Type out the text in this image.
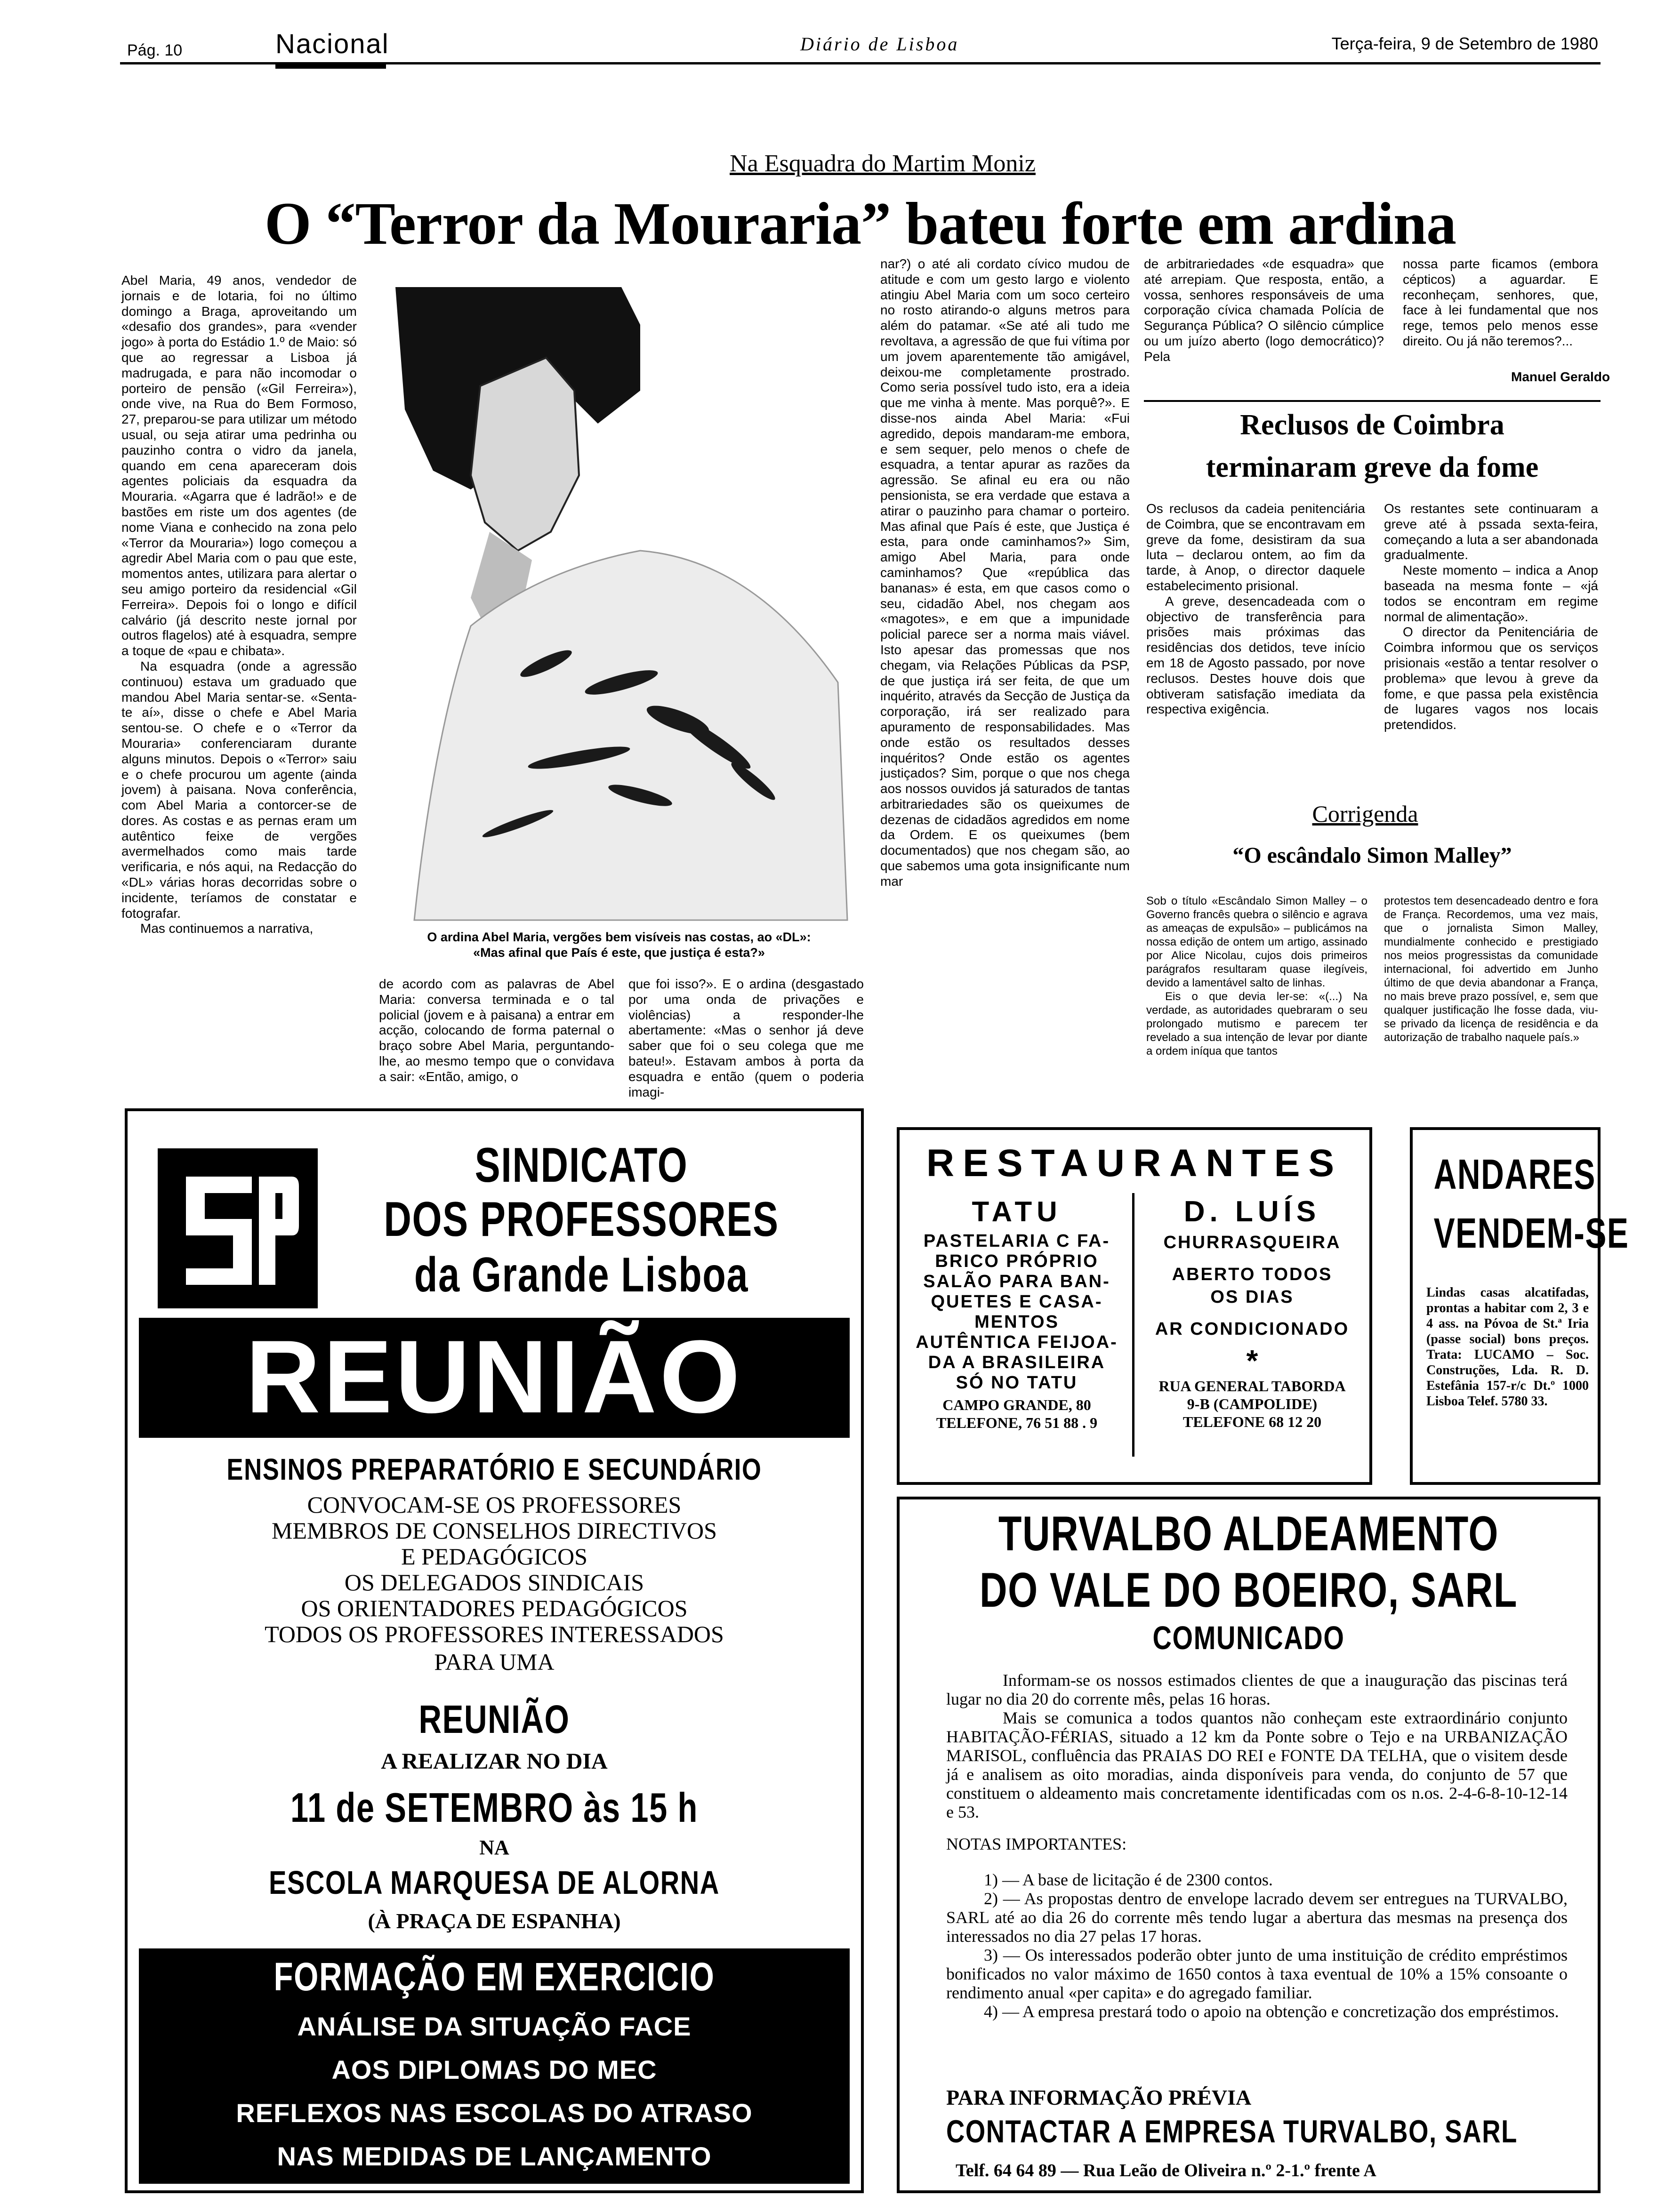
Pág. 10	Nacional	Diário de Lisboa	Terça-feira, 9 de Setembro de 1980
Na Esquadra do Martim Moniz
O “Terror da Mouraria” bateu forte em ardina

Abel Maria, 49 anos, vendedor de jornais e de lotaria, foi no último domingo a Braga, aproveitando um «desafio dos grandes», para «vender jogo» à porta do Estádio 1.º de Maio: só que ao regressar a Lisboa já madrugada, e para não incomodar o porteiro de pensão («Gil Ferreira»), onde vive, na Rua do Bem Formoso, 27, preparou-se para utilizar um método usual, ou seja atirar uma pedrinha ou pauzinho contra o vidro da janela, quando em cena apareceram dois agentes policiais da esquadra da Mouraria. «Agarra que é ladrão!» e de bastões em riste um dos agentes (de nome Viana e conhecido na zona pelo «Terror da Mouraria») logo começou a agredir Abel Maria com o pau que este, momentos antes, utilizara para alertar o seu amigo porteiro da residencial «Gil Ferreira». Depois foi o longo e difícil calvário (já descrito neste jornal por outros flagelos) até à esquadra, sempre a toque de «pau e chibata».

Na esquadra (onde a agressão continuou) estava um graduado que mandou Abel Maria sentar-se. «Senta-te aí», disse o chefe e Abel Maria sentou-se. O chefe e o «Terror da Mouraria» conferenciaram durante alguns minutos. Depois o «Terror» saiu e o chefe procurou um agente (ainda jovem) à paisana. Nova conferência, com Abel Maria a contorcer-se de dores. As costas e as pernas eram um autêntico feixe de vergões avermelhados como mais tarde verificaria, e nós aqui, na Redacção do «DL» várias horas decorridas sobre o incidente, teríamos de constatar e fotografar.

Mas continuemos a narrativa,

O ardina Abel Maria, vergões bem visíveis nas costas, ao «DL»:
«Mas afinal que País é este, que justiça é esta?»

de acordo com as palavras de Abel Maria: conversa terminada e o tal policial (jovem e à paisana) a entrar em acção, colocando de forma paternal o braço sobre Abel Maria, perguntando-lhe, ao mesmo tempo que o convidava a sair: «Então, amigo, o

que foi isso?». E o ardina (desgastado por uma onda de privações e violências) a responder-lhe abertamente: «Mas o senhor já deve saber que foi o seu colega que me bateu!». Estavam ambos à porta da esquadra e então (quem o poderia imagi-

nar?) o até ali cordato cívico mudou de atitude e com um gesto largo e violento atingiu Abel Maria com um soco certeiro no rosto atirando-o alguns metros para além do patamar. «Se até ali tudo me revoltava, a agressão de que fui vítima por um jovem aparentemente tão amigável, deixou-me completamente prostrado. Como seria possível tudo isto, era a ideia que me vinha à mente. Mas porquê?». E disse-nos ainda Abel Maria: «Fui agredido, depois mandaram-me embora, e sem sequer, pelo menos o chefe de esquadra, a tentar apurar as razões da agressão. Se afinal eu era ou não pensionista, se era verdade que estava a atirar o pauzinho para chamar o porteiro. Mas afinal que País é este, que Justiça é esta, para onde caminhamos?» Sim, amigo Abel Maria, para onde caminhamos? Que «república das bananas» é esta, em que casos como o seu, cidadão Abel, nos chegam aos «magotes», e em que a impunidade policial parece ser a norma mais viável. Isto apesar das promessas que nos chegam, via Relações Públicas da PSP, de que justiça irá ser feita, de que um inquérito, através da Secção de Justiça da corporação, irá ser realizado para apuramento de responsabilidades. Mas onde estão os resultados desses inquéritos? Onde estão os agentes justiçados? Sim, porque o que nos chega aos nossos ouvidos já saturados de tantas arbitrariedades são os queixumes de dezenas de cidadãos agredidos em nome da Ordem. E os queixumes (bem documentados) que nos chegam são, ao que sabemos uma gota insignificante num mar

de arbitrariedades «de esquadra» que até arrepiam. Que resposta, então, a vossa, senhores responsáveis de uma corporação cívica chamada Polícia de Segurança Pública? O silêncio cúmplice ou um juízo aberto (logo democrático)? Pela

nossa parte ficamos (embora cépticos) a aguardar. E reconheçam, senhores, que, face à lei fundamental que nos rege, temos pelo menos esse direito. Ou já não teremos?...

Manuel Geraldo
Reclusos de Coimbra
terminaram greve da fome

Os reclusos da cadeia penitenciária de Coimbra, que se encontravam em greve da fome, desistiram da sua luta – declarou ontem, ao fim da tarde, à Anop, o director daquele estabelecimento prisional.

A greve, desencadeada com o objectivo de transferência para prisões mais próximas das residências dos detidos, teve início em 18 de Agosto passado, por nove reclusos. Destes houve dois que obtiveram satisfação imediata da respectiva exigência.

Os restantes sete continuaram a greve até à pssada sexta-feira, começando a luta a ser abandonada gradualmente.

Neste momento – indica a Anop baseada na mesma fonte – «já todos se encontram em regime normal de alimentação».

O director da Penitenciária de Coimbra informou que os serviços prisionais «estão a tentar resolver o problema» que levou à greve da fome, e que passa pela existência de lugares vagos nos locais pretendidos.

Corrigenda
“O escândalo Simon Malley”

Sob o título «Escândalo Simon Malley – o Governo francês quebra o silêncio e agrava as ameaças de expulsão» – publicámos na nossa edição de ontem um artigo, assinado por Alice Nicolau, cujos dois primeiros parágrafos resultaram quase ilegíveis, devido a lamentável salto de linhas.

Eis o que devia ler-se: «(...) Na verdade, as autoridades quebraram o seu prolongado mutismo e parecem ter revelado a sua intenção de levar por diante a ordem iníqua que tantos

protestos tem desencadeado dentro e fora de França. Recordemos, uma vez mais, que o jornalista Simon Malley, mundialmente conhecido e prestigiado nos meios progressistas da comunidade internacional, foi advertido em Junho último de que devia abandonar a França, no mais breve prazo possível, e, sem que qualquer justificação lhe fosse dada, viu-se privado da licença de residência e da autorização de trabalho naquele país.»

SINDICATO
DOS PROFESSORES
da Grande Lisboa
REUNIÃO
ENSINOS PREPARATÓRIO E SECUNDÁRIO
CONVOCAM-SE OS PROFESSORES
MEMBROS DE CONSELHOS DIRECTIVOS
E PEDAGÓGICOS
OS DELEGADOS SINDICAIS
OS ORIENTADORES PEDAGÓGICOS
TODOS OS PROFESSORES INTERESSADOS
PARA UMA
REUNIÃO
A REALIZAR NO DIA
11 de SETEMBRO às 15 h
NA
ESCOLA MARQUESA DE ALORNA
(À PRAÇA DE ESPANHA)
FORMAÇÃO EM EXERCICIO
ANÁLISE DA SITUAÇÃO FACE
AOS DIPLOMAS DO MEC
REFLEXOS NAS ESCOLAS DO ATRASO
NAS MEDIDAS DE LANÇAMENTO
RESTAURANTES
TATU
PASTELARIA C FA-
BRICO PRÓPRIO
SALÃO PARA BAN-
QUETES E CASA-
MENTOS
AUTÊNTICA FEIJOA-
DA A BRASILEIRA
SÓ NO TATU
CAMPO GRANDE, 80
TELEFONE, 76 51 88 . 9
D. LUÍS
CHURRASQUEIRA
ABERTO TODOS
OS DIAS
AR CONDICIONADO
*
RUA GENERAL TABORDA
9-B (CAMPOLIDE)
TELEFONE 68 12 20
ANDARES
VENDEM-SE
Lindas casas alcatifadas, prontas a habitar com 2, 3 e 4 ass. na Póvoa de St.ª Iria (passe social) bons preços. Trata: LUCAMO – Soc. Construções, Lda. R. D. Estefânia 157-r/c Dt.º 1000 Lisboa Telef. 5780 33.
TURVALBO ALDEAMENTO
DO VALE DO BOEIRO, SARL
COMUNICADO

Informam-se os nossos estimados clientes de que a inauguração das piscinas terá lugar no dia 20 do corrente mês, pelas 16 horas.

Mais se comunica a todos quantos não conheçam este extraordinário conjunto HABITAÇÃO-FÉRIAS, situado a 12 km da Ponte sobre o Tejo e na URBANIZAÇÃO MARISOL, confluência das PRAIAS DO REI e FONTE DA TELHA, que o visitem desde já e analisem as oito moradias, ainda disponíveis para venda, do conjunto de 57 que constituem o aldeamento mais concretamente identificadas com os n.os. 2-4-6-8-10-12-14 e 53.

NOTAS IMPORTANTES:

1) — A base de licitação é de 2300 contos.

2) — As propostas dentro de envelope lacrado devem ser entregues na TURVALBO, SARL até ao dia 26 do corrente mês tendo lugar a abertura das mesmas na presença dos interessados no dia 27 pelas 17 horas.

3) — Os interessados poderão obter junto de uma instituição de crédito empréstimos bonificados no valor máximo de 1650 contos à taxa eventual de 10% a 15% consoante o rendimento anual «per capita» e do agregado familiar.

4) — A empresa prestará todo o apoio na obtenção e concretização dos empréstimos.

PARA INFORMAÇÃO PRÉVIA
CONTACTAR A EMPRESA TURVALBO, SARL
Telf. 64 64 89 — Rua Leão de Oliveira n.º 2-1.º frente A
